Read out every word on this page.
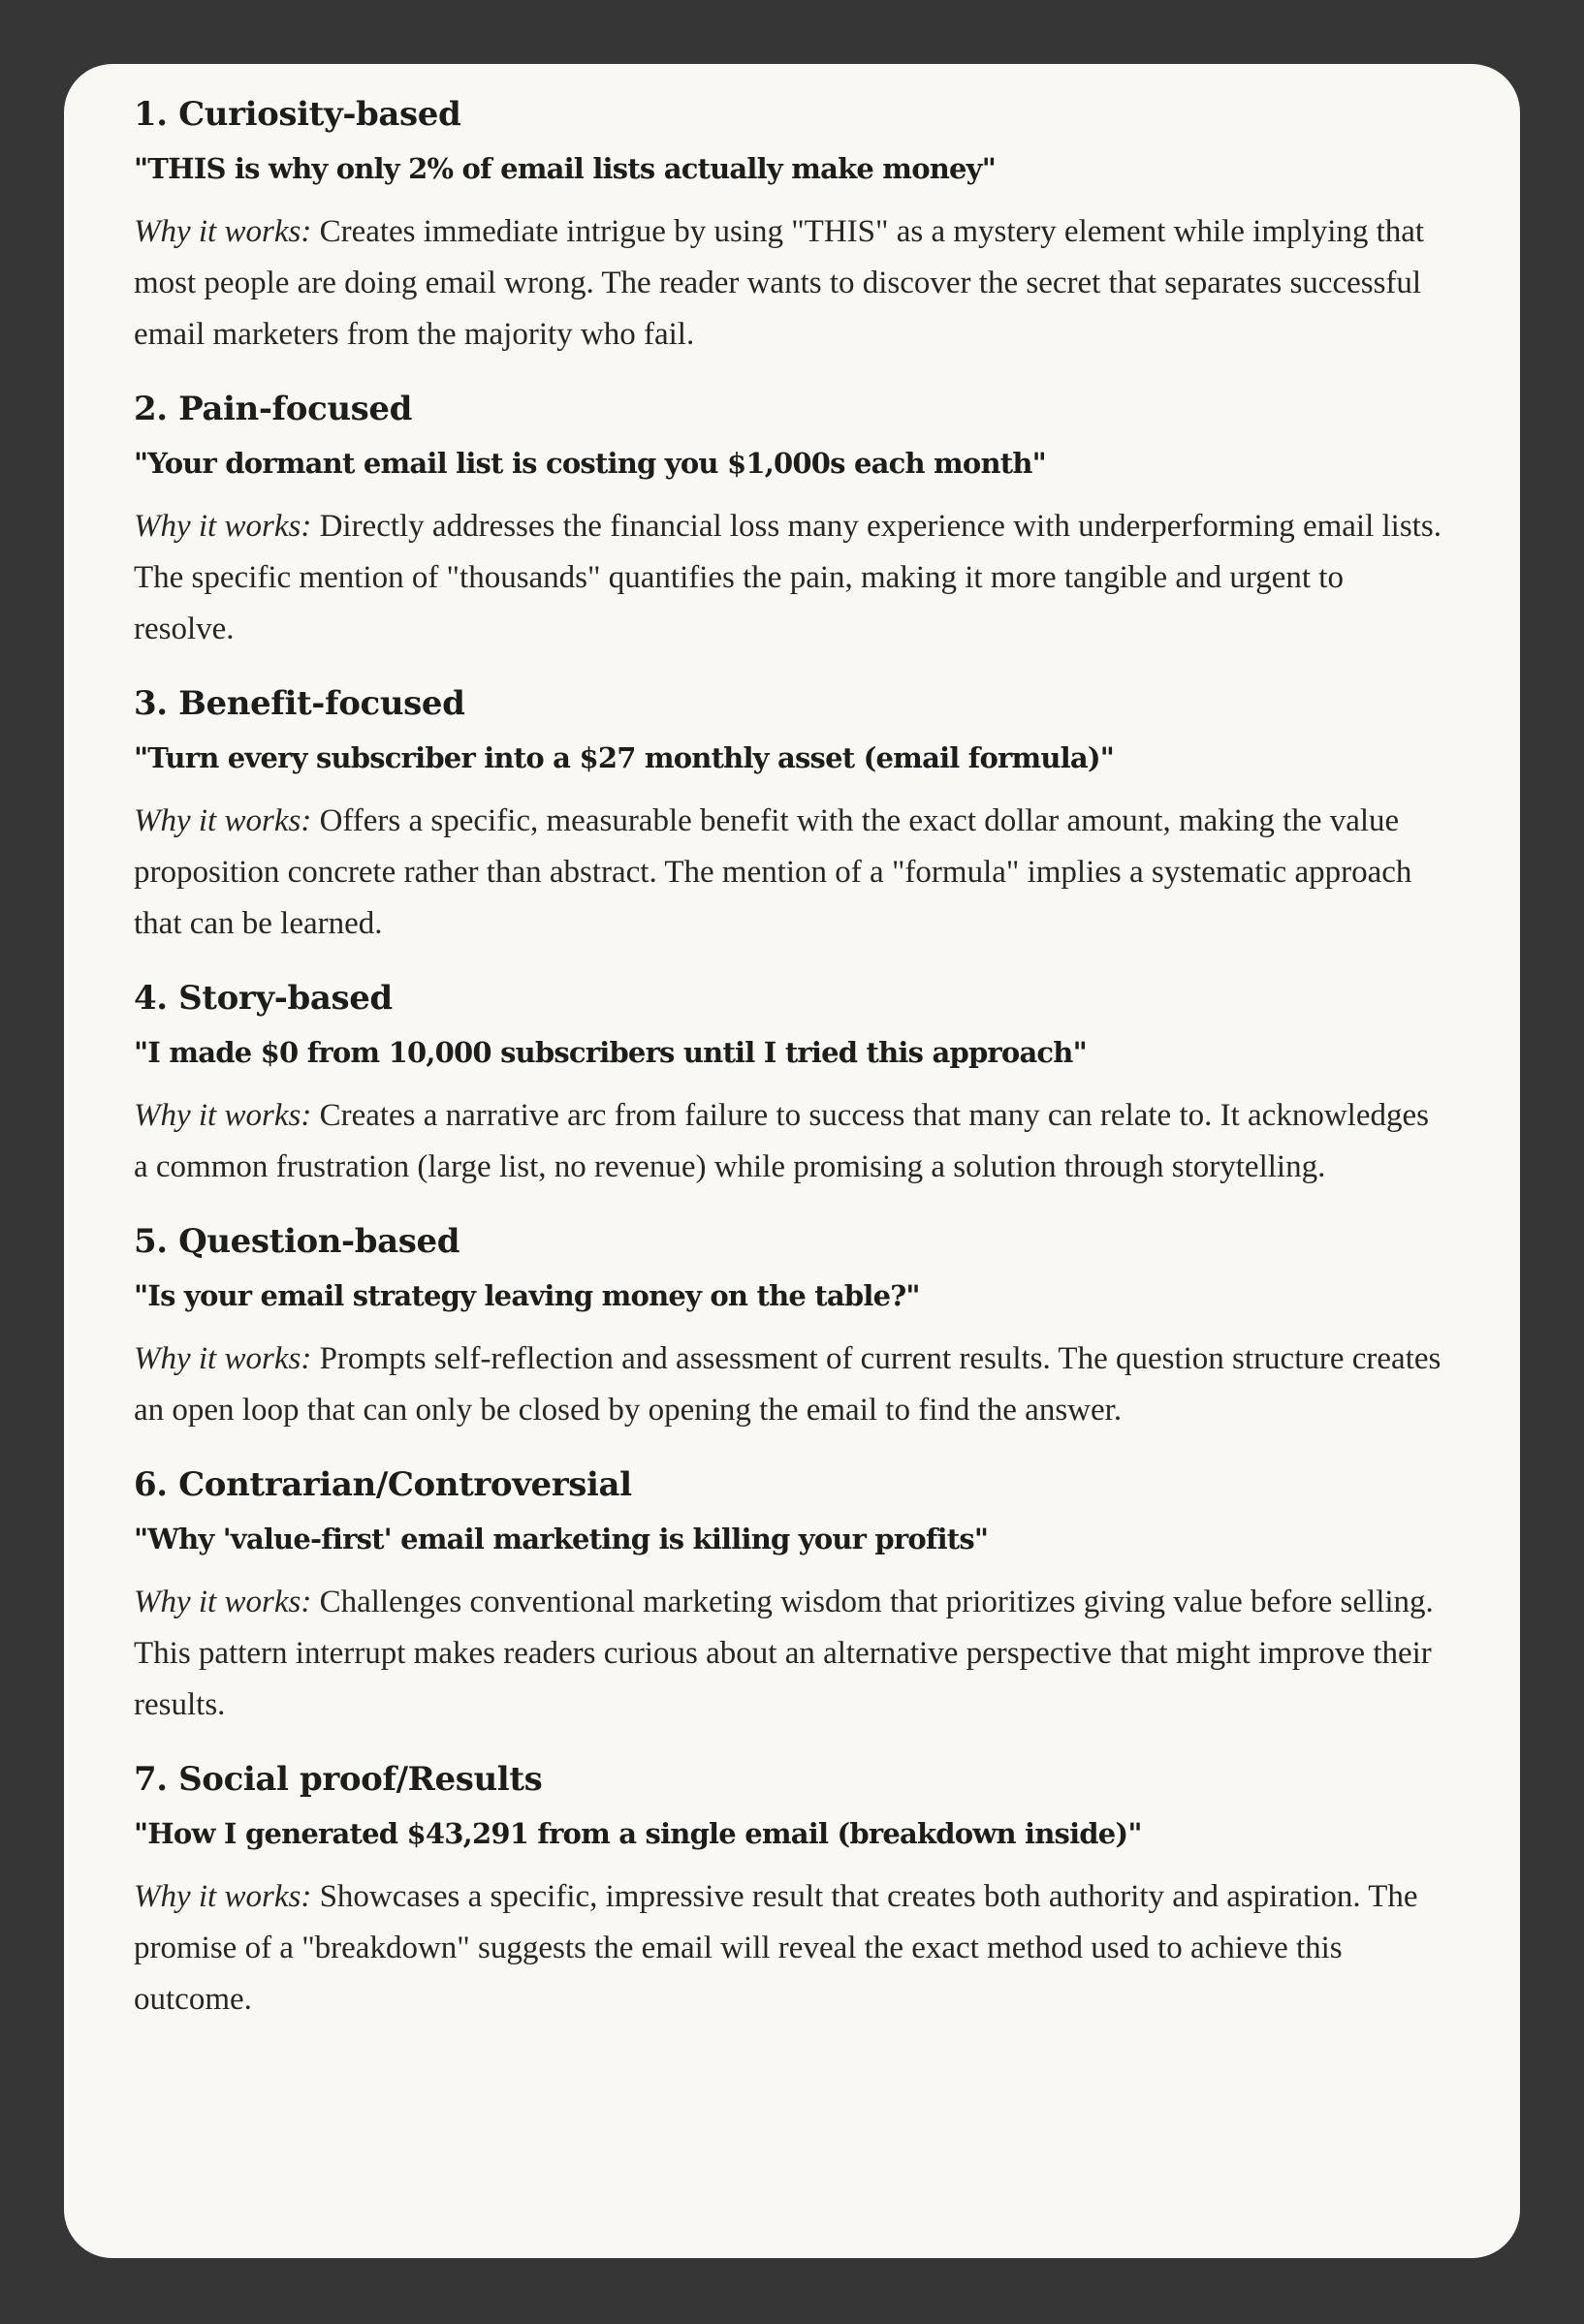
1. Curiosity-based

"THIS is why only 2% of email lists actually make money"

Why it works: Creates immediate intrigue by using "THIS" as a mystery element while implying that most people are doing email wrong. The reader wants to discover the secret that separates successful email marketers from the majority who fail.

2. Pain-focused

"Your dormant email list is costing you $1,000s each month"

Why it works: Directly addresses the financial loss many experience with underperforming email lists. The specific mention of "thousands" quantifies the pain, making it more tangible and urgent to resolve.

3. Benefit-focused

"Turn every subscriber into a $27 monthly asset (email formula)"

Why it works: Offers a specific, measurable benefit with the exact dollar amount, making the value proposition concrete rather than abstract. The mention of a "formula" implies a systematic approach that can be learned.

4. Story-based

"I made $0 from 10,000 subscribers until I tried this approach"

Why it works: Creates a narrative arc from failure to success that many can relate to. It acknowledges a common frustration (large list, no revenue) while promising a solution through storytelling.

5. Question-based

"Is your email strategy leaving money on the table?"

Why it works: Prompts self-reflection and assessment of current results. The question structure creates an open loop that can only be closed by opening the email to find the answer.

6. Contrarian/Controversial

"Why 'value-first' email marketing is killing your profits"

Why it works: Challenges conventional marketing wisdom that prioritizes giving value before selling. This pattern interrupt makes readers curious about an alternative perspective that might improve their results.

7. Social proof/Results

"How I generated $43,291 from a single email (breakdown inside)"

Why it works: Showcases a specific, impressive result that creates both authority and aspiration. The promise of a "breakdown" suggests the email will reveal the exact method used to achieve this outcome.
